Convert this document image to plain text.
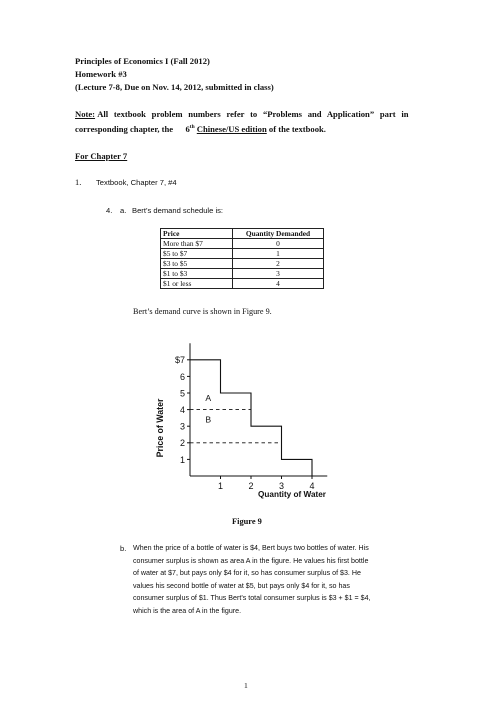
Principles of Economics I (Fall 2012)
Homework #3
(Lecture 7-8, Due on Nov. 14, 2012, submitted in class)
Note: All textbook problem numbers refer to “Problems and Application” part in
corresponding chapter, the 6th Chinese/US edition of the textbook.
For Chapter 7
1. Textbook, Chapter 7, #4
4. a. Bert’s demand schedule is:
Price	Quantity Demanded
More than $7	0
$5 to $7	1
$3 to $5	2
$1 to $3	3
$1 or less	4
Bert’s demand curve is shown in Figure 9.
Price of Water
Quantity of Water
$7
6
5
4
3
2
1
1	2	3	4
A
B
Figure 9
b. When the price of a bottle of water is $4, Bert buys two bottles of water. His
consumer surplus is shown as area A in the figure. He values his first bottle
of water at $7, but pays only $4 for it, so has consumer surplus of $3. He
values his second bottle of water at $5, but pays only $4 for it, so has
consumer surplus of $1. Thus Bert’s total consumer surplus is $3 + $1 = $4,
which is the area of A in the figure.
1
